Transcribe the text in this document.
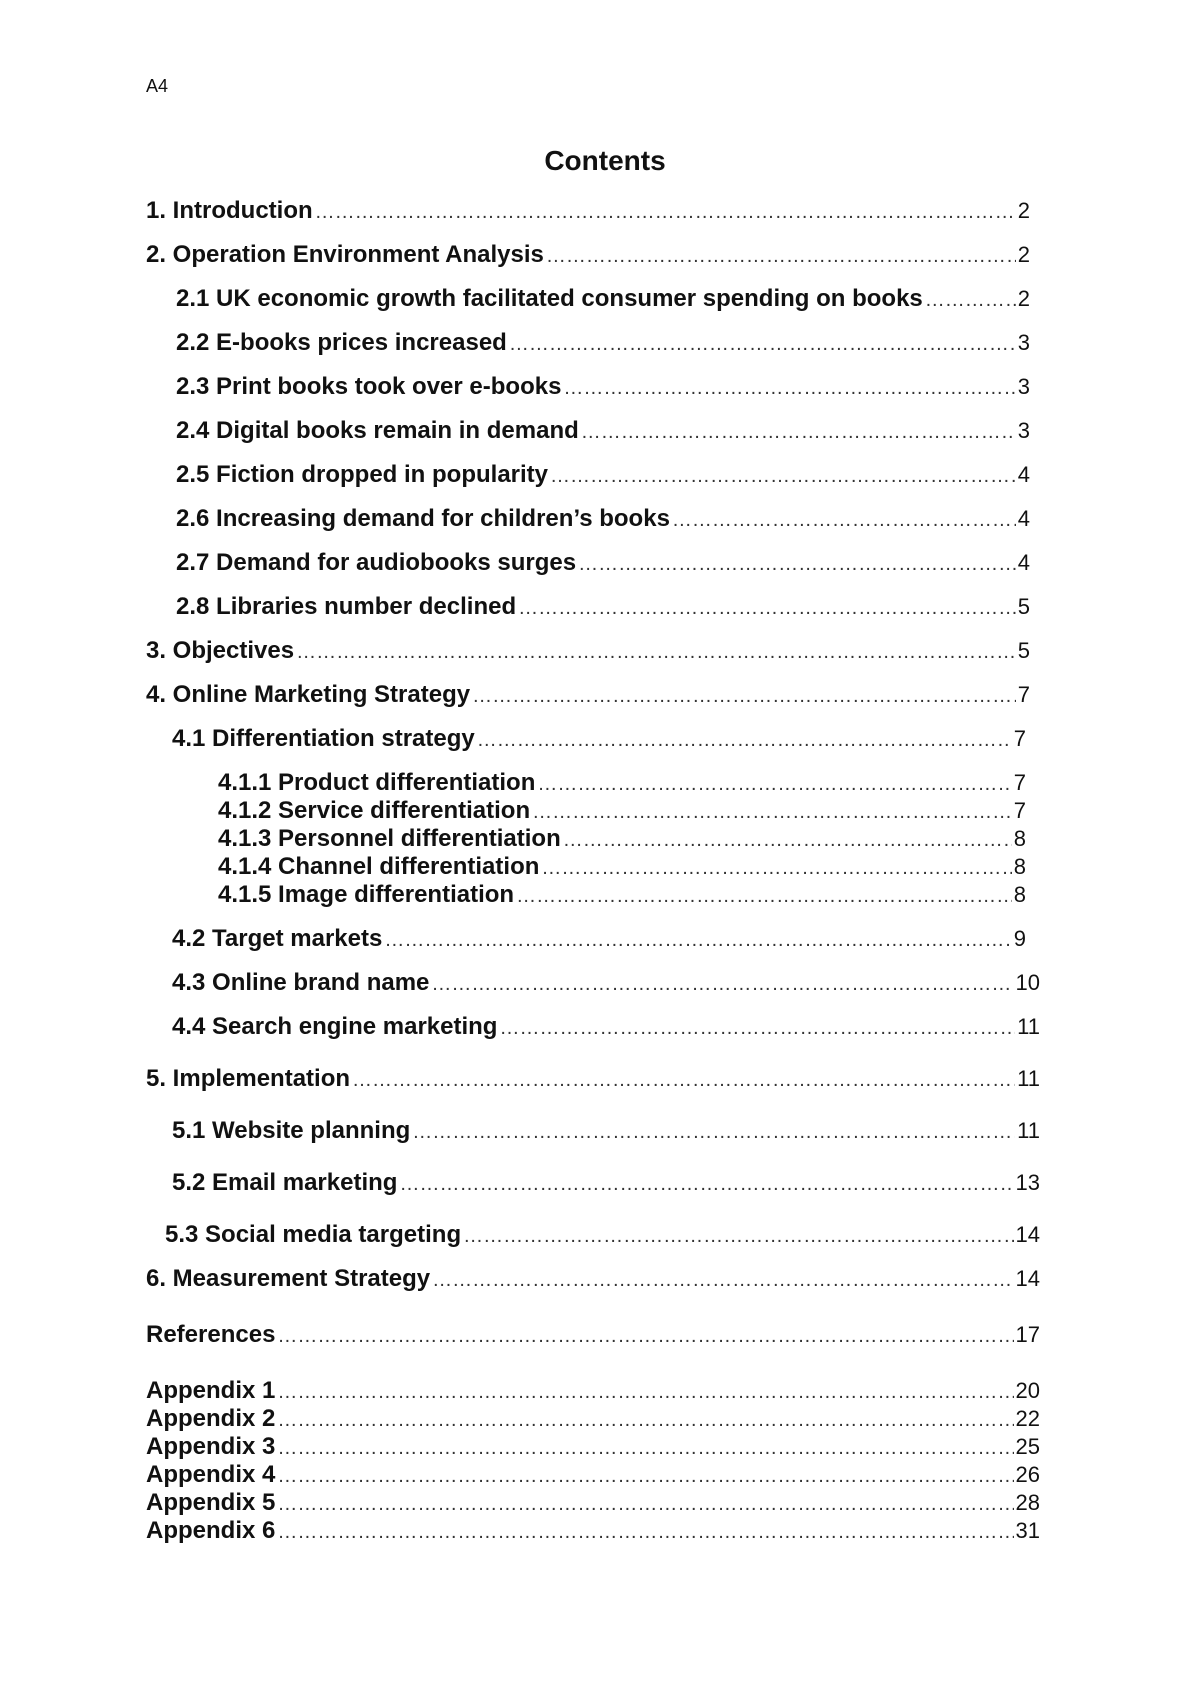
A4
Contents
1. Introduction ……………………………………………………………………………………………………………………………………………………………	2
2. Operation Environment Analysis ……………………………………………………………………………………………………………………………………………………………	2
2.1 UK economic growth facilitated consumer spending on books ……………………………………………………………………………………………………………………………………………………………	2
2.2 E-books prices increased ……………………………………………………………………………………………………………………………………………………………	3
2.3 Print books took over e-books ……………………………………………………………………………………………………………………………………………………………	3
2.4 Digital books remain in demand ……………………………………………………………………………………………………………………………………………………………	3
2.5 Fiction dropped in popularity ……………………………………………………………………………………………………………………………………………………………	4
2.6 Increasing demand for children’s books ……………………………………………………………………………………………………………………………………………………………	4
2.7 Demand for audiobooks surges ……………………………………………………………………………………………………………………………………………………………	4
2.8 Libraries number declined ……………………………………………………………………………………………………………………………………………………………	5
3. Objectives ……………………………………………………………………………………………………………………………………………………………	5
4. Online Marketing Strategy ……………………………………………………………………………………………………………………………………………………………	7
4.1 Differentiation strategy ……………………………………………………………………………………………………………………………………………………………	7
4.1.1 Product differentiation ……………………………………………………………………………………………………………………………………………………………	7
4.1.2 Service differentiation ……………………………………………………………………………………………………………………………………………………………	7
4.1.3 Personnel differentiation ……………………………………………………………………………………………………………………………………………………………	8
4.1.4 Channel differentiation ……………………………………………………………………………………………………………………………………………………………	8
4.1.5 Image differentiation ……………………………………………………………………………………………………………………………………………………………	8
4.2 Target markets ……………………………………………………………………………………………………………………………………………………………	9
4.3 Online brand name ……………………………………………………………………………………………………………………………………………………………	10
4.4 Search engine marketing ……………………………………………………………………………………………………………………………………………………………	11
5. Implementation ……………………………………………………………………………………………………………………………………………………………	11
5.1 Website planning ……………………………………………………………………………………………………………………………………………………………	11
5.2 Email marketing ……………………………………………………………………………………………………………………………………………………………	13
5.3 Social media targeting ……………………………………………………………………………………………………………………………………………………………	14
6. Measurement Strategy ……………………………………………………………………………………………………………………………………………………………	14
References ……………………………………………………………………………………………………………………………………………………………	17
Appendix 1 ……………………………………………………………………………………………………………………………………………………………	20
Appendix 2 ……………………………………………………………………………………………………………………………………………………………	22
Appendix 3 ……………………………………………………………………………………………………………………………………………………………	25
Appendix 4 ……………………………………………………………………………………………………………………………………………………………	26
Appendix 5 ……………………………………………………………………………………………………………………………………………………………	28
Appendix 6 ……………………………………………………………………………………………………………………………………………………………	31
